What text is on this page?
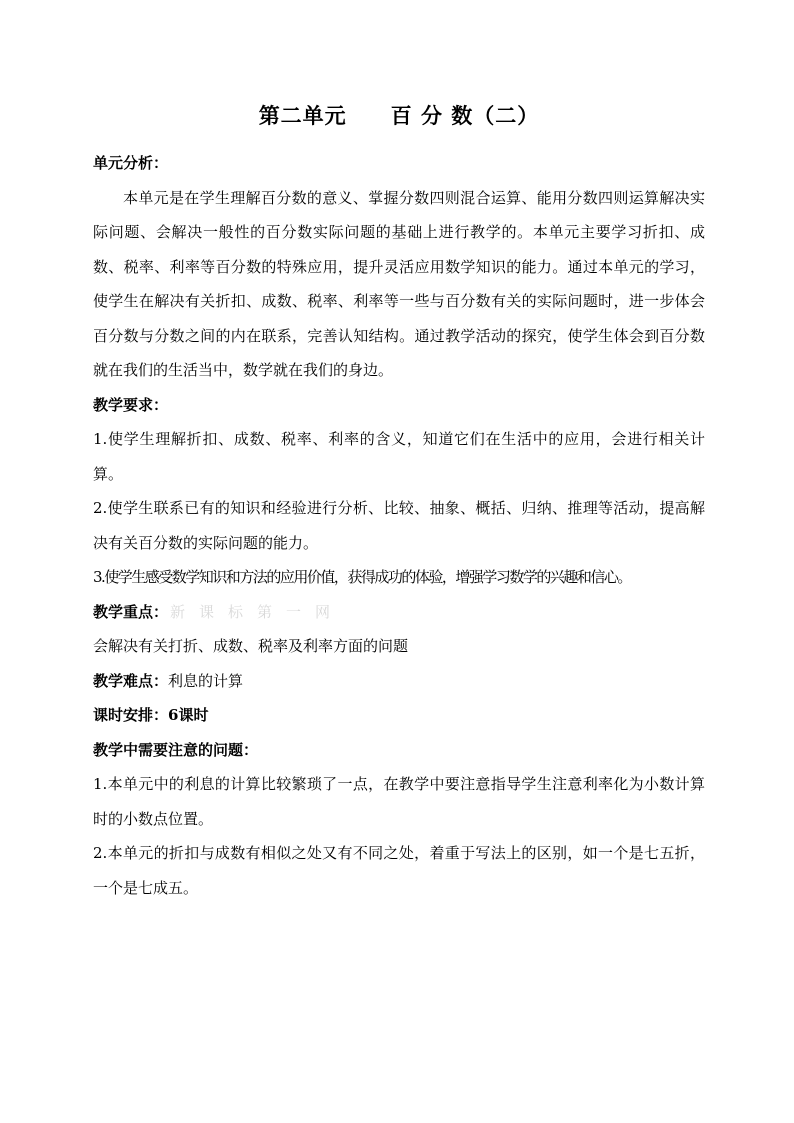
第二单元　　百 分 数（二）

单元分析：

本单元是在学生理解百分数的意义、掌握分数四则混合运算、能用分数四则运算解决实际问题、会解决一般性的百分数实际问题的基础上进行教学的。本单元主要学习折扣、成数、税率、利率等百分数的特殊应用，提升灵活应用数学知识的能力。通过本单元的学习，使学生在解决有关折扣、成数、税率、利率等一些与百分数有关的实际问题时，进一步体会百分数与分数之间的内在联系，完善认知结构。通过教学活动的探究，使学生体会到百分数就在我们的生活当中，数学就在我们的身边。

教学要求：

1.使学生理解折扣、成数、税率、利率的含义，知道它们在生活中的应用，会进行相关计算。

2.使学生联系已有的知识和经验进行分析、比较、抽象、概括、归纳、推理等活动，提高解决有关百分数的实际问题的能力。

3.使学生感受数学知识和方法的应用价值，获得成功的体验，增强学习数学的兴趣和信心。

教学重点： 新课标第一网

会解决有关打折、成数、税率及利率方面的问题

教学难点：利息的计算

课时安排：6课时

教学中需要注意的问题：

1.本单元中的利息的计算比较繁琐了一点，在教学中要注意指导学生注意利率化为小数计算时的小数点位置。

2.本单元的折扣与成数有相似之处又有不同之处，着重于写法上的区别，如一个是七五折，一个是七成五。
